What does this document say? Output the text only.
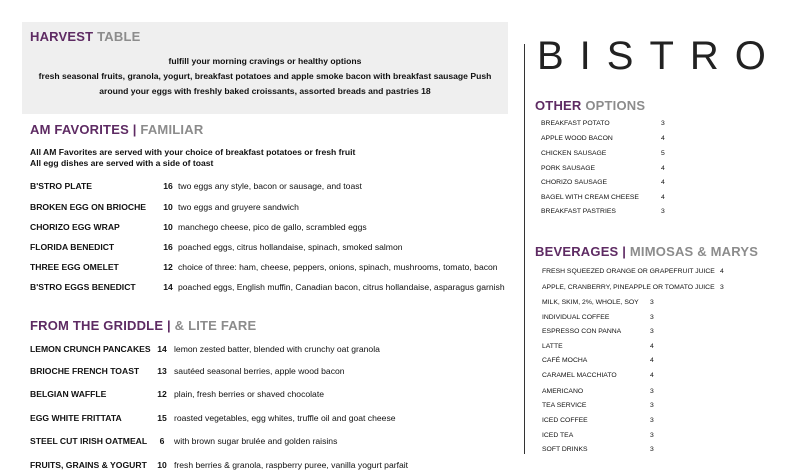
HARVEST TABLE
fulfill your morning cravings or healthy options
fresh seasonal fruits, granola, yogurt, breakfast potatoes and apple smoke bacon with breakfast sausage Push
around your eggs with freshly baked croissants, assorted breads and pastries 18
AM FAVORITES | FAMILIAR
All AM Favorites are served with your choice of breakfast potatoes or fresh fruit
All egg dishes are served with a side of toast
B'STRO PLATE	16 two eggs any style, bacon or sausage, and toast
BROKEN EGG ON BRIOCHE	10 two eggs and gruyere sandwich
CHORIZO EGG WRAP	10 manchego cheese, pico de gallo, scrambled eggs
FLORIDA BENEDICT	16 poached eggs, citrus hollandaise, spinach, smoked salmon
THREE EGG OMELET	12 choice of three: ham, cheese, peppers, onions, spinach, mushrooms, tomato, bacon
B'STRO EGGS BENEDICT	14 poached eggs, English muffin, Canadian bacon, citrus hollandaise, asparagus garnish
FROM THE GRIDDLE | & LITE FARE
LEMON CRUNCH PANCAKES 14 lemon zested batter, blended with crunchy oat granola
BRIOCHE FRENCH TOAST	13 sautéed seasonal berries, apple wood bacon
BELGIAN WAFFLE	12 plain, fresh berries or shaved chocolate
EGG WHITE FRITTATA	15 roasted vegetables, egg whites, truffle oil and goat cheese
STEEL CUT IRISH OATMEAL	6	with brown sugar brulée and golden raisins
FRUITS, GRAINS & YOGURT	10 fresh berries & granola, raspberry puree, vanilla yogurt parfait
BISTRO
OTHER OPTIONS
BREAKFAST POTATO	3
APPLE WOOD BACON	4
CHICKEN SAUSAGE	5
PORK SAUSAGE	4
CHORIZO SAUSAGE	4
BAGEL WITH CREAM CHEESE	4
BREAKFAST PASTRIES	3
BEVERAGES | MIMOSAS & MARYS
FRESH SQUEEZED ORANGE OR GRAPEFRUIT JUICE 4
APPLE, CRANBERRY, PINEAPPLE OR TOMATO JUICE 3
MILK, SKIM, 2%, WHOLE, SOY 3
INDIVIDUAL COFFEE	3
ESPRESSO CON PANNA	3
LATTE	4
CAFÉ MOCHA	4
CARAMEL MACCHIATO	4
AMERICANO	3
TEA SERVICE	3
ICED COFFEE	3
ICED TEA	3
SOFT DRINKS	3
